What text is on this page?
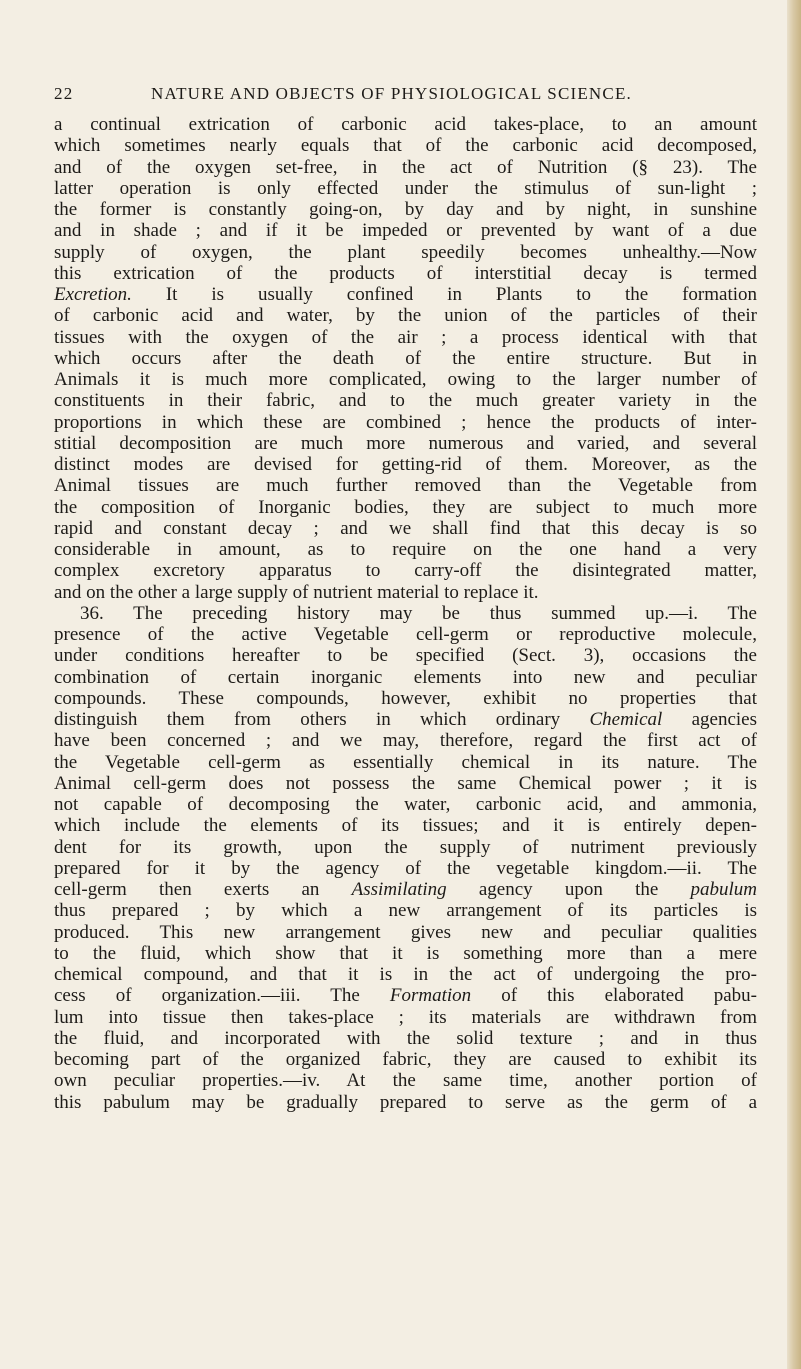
22	NATURE AND OBJECTS OF PHYSIOLOGICAL SCIENCE.
a continual extrication of carbonic acid takes-place, to an amount
which sometimes nearly equals that of the carbonic acid decomposed,
and of the oxygen set-free, in the act of Nutrition (§ 23). The
latter operation is only effected under the stimulus of sun-light ;
the former is constantly going-on, by day and by night, in sunshine
and in shade ; and if it be impeded or prevented by want of a due
supply of oxygen, the plant speedily becomes unhealthy.—Now
this extrication of the products of interstitial decay is termed
Excretion. It is usually confined in Plants to the formation
of carbonic acid and water, by the union of the particles of their
tissues with the oxygen of the air ; a process identical with that
which occurs after the death of the entire structure. But in
Animals it is much more complicated, owing to the larger number of
constituents in their fabric, and to the much greater variety in the
proportions in which these are combined ; hence the products of inter-
stitial decomposition are much more numerous and varied, and several
distinct modes are devised for getting-rid of them. Moreover, as the
Animal tissues are much further removed than the Vegetable from
the composition of Inorganic bodies, they are subject to much more
rapid and constant decay ; and we shall find that this decay is so
considerable in amount, as to require on the one hand a very
complex excretory apparatus to carry-off the disintegrated matter,
and on the other a large supply of nutrient material to replace it.
36. The preceding history may be thus summed up.—i. The
presence of the active Vegetable cell-germ or reproductive molecule,
under conditions hereafter to be specified (Sect. 3), occasions the
combination of certain inorganic elements into new and peculiar
compounds. These compounds, however, exhibit no properties that
distinguish them from others in which ordinary Chemical agencies
have been concerned ; and we may, therefore, regard the first act of
the Vegetable cell-germ as essentially chemical in its nature. The
Animal cell-germ does not possess the same Chemical power ; it is
not capable of decomposing the water, carbonic acid, and ammonia,
which include the elements of its tissues; and it is entirely depen-
dent for its growth, upon the supply of nutriment previously
prepared for it by the agency of the vegetable kingdom.—ii. The
cell-germ then exerts an Assimilating agency upon the pabulum
thus prepared ; by which a new arrangement of its particles is
produced. This new arrangement gives new and peculiar qualities
to the fluid, which show that it is something more than a mere
chemical compound, and that it is in the act of undergoing the pro-
cess of organization.—iii. The Formation of this elaborated pabu-
lum into tissue then takes-place ; its materials are withdrawn from
the fluid, and incorporated with the solid texture ; and in thus
becoming part of the organized fabric, they are caused to exhibit its
own peculiar properties.—iv. At the same time, another portion of
this pabulum may be gradually prepared to serve as the germ of a
